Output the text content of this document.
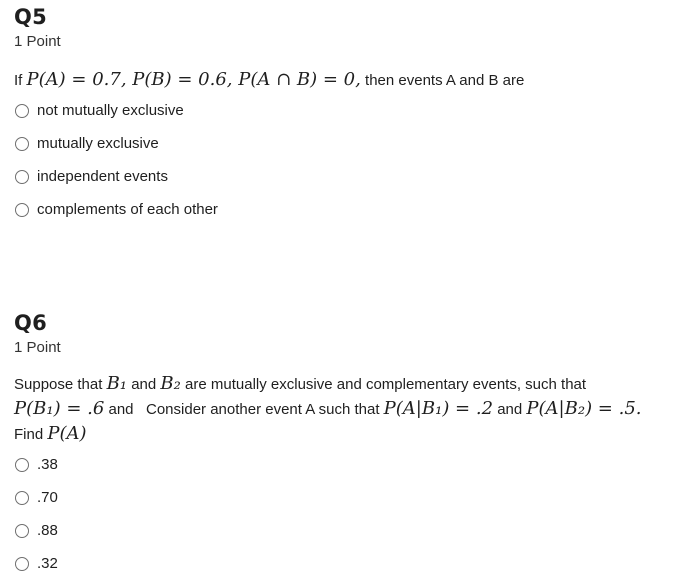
Q5
1 Point
If P(A) = 0.7, P(B) = 0.6, P(A ∩ B) = 0, then events A and B are
not mutually exclusive
mutually exclusive
independent events
complements of each other
Q6
1 Point
Suppose that B₁ and B₂ are mutually exclusive and complementary events, such that
P(B₁) = .6 and   Consider another event A such that P(A|B₁) = .2 and P(A|B₂) = .5.
Find P(A)
.38
.70
.88
.32
